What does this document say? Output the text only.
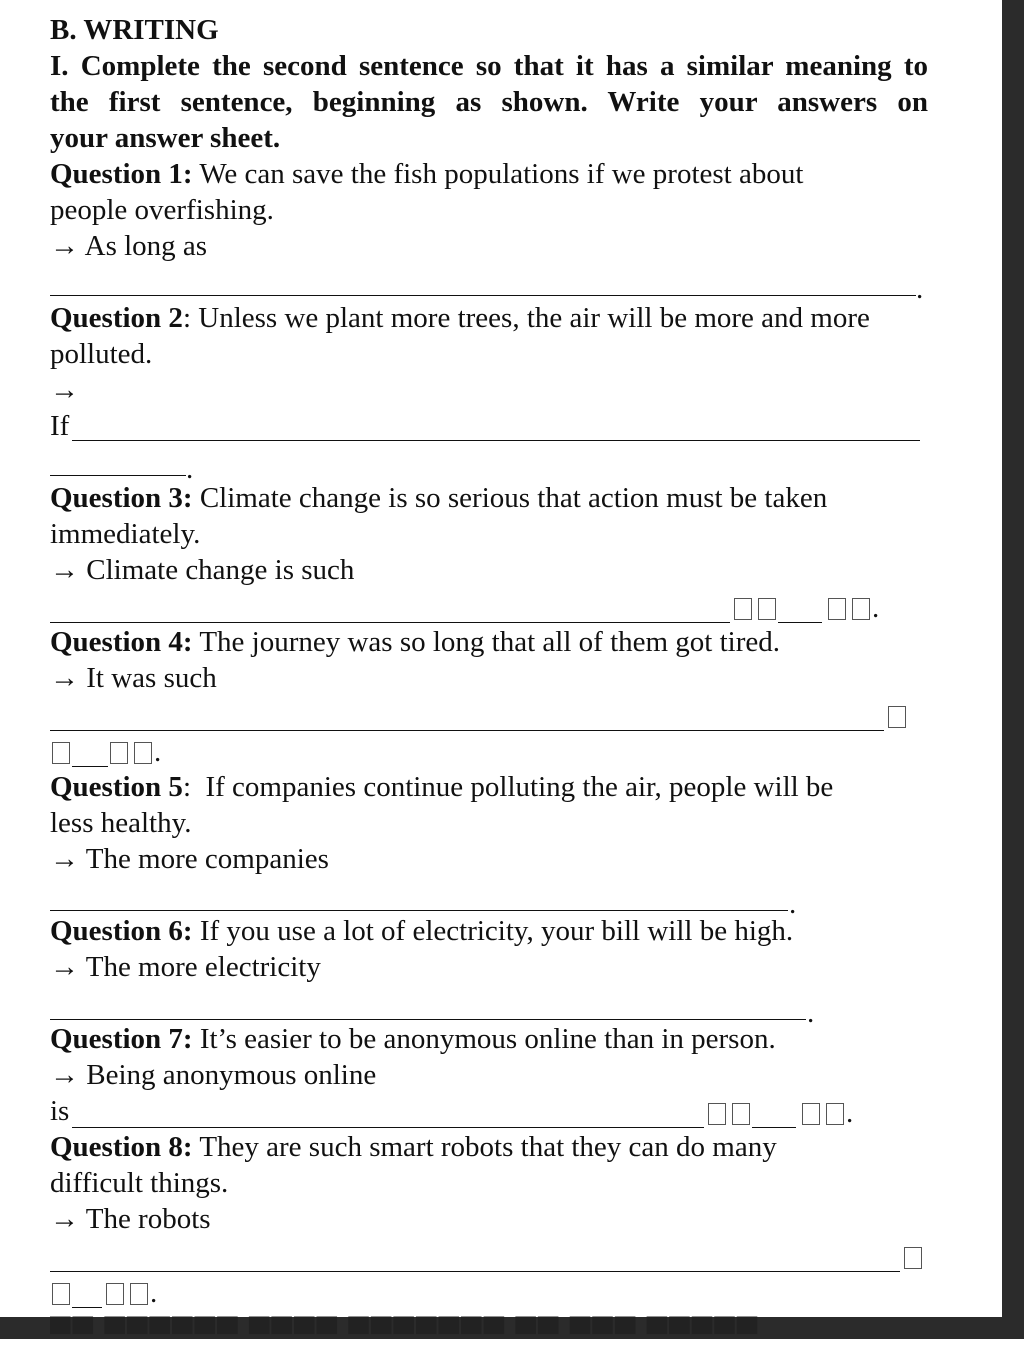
B. WRITING
I. Complete the second sentence so that it has a similar meaning to
the first sentence, beginning as shown. Write your answers on
your answer sheet.
Question 1: We can save the fish populations if we protest about
people overfishing.
→ As long as
.
Question 2: Unless we plant more trees, the air will be more and more
polluted.
→
If
.
Question 3: Climate change is so serious that action must be taken
immediately.
→ Climate change is such
.
Question 4: The journey was so long that all of them got tired.
→ It was such
.
Question 5:  If companies continue polluting the air, people will be
less healthy.
→ The more companies
.
Question 6: If you use a lot of electricity, your bill will be high.
→ The more electricity
.
Question 7: It’s easier to be anonymous online than in person.
→ Being anonymous online
is	.
Question 8: They are such smart robots that they can do many
difficult things.
→ The robots
.
▀▀ ▀▀▀▀▀▀ ▀▀▀▀ ▀▀▀▀▀▀▀ ▀▀ ▀▀▀ ▀▀▀▀▀
